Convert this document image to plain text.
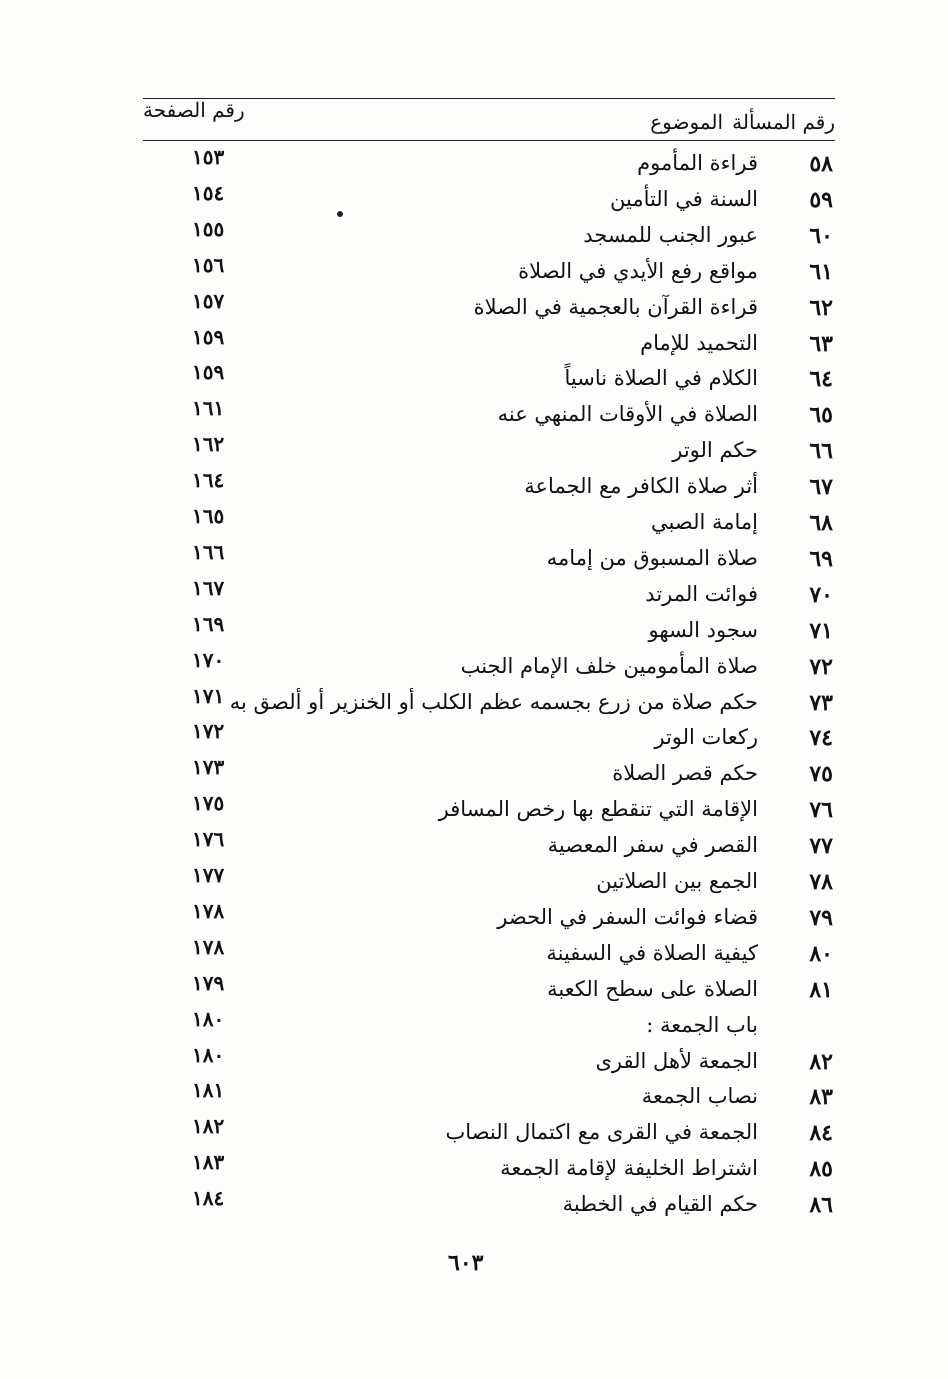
رقم المسألة
الموضوع
رقم الصفحة
٥٨
قراءة المأموم
١٥٣
٥٩
السنة في التأمين
١٥٤
٦٠
عبور الجنب للمسجد
١٥٥
٦١
مواقع رفع الأيدي في الصلاة
١٥٦
٦٢
قراءة القرآن بالعجمية في الصلاة
١٥٧
٦٣
التحميد للإمام
١٥٩
٦٤
الكلام في الصلاة ناسياً
١٥٩
٦٥
الصلاة في الأوقات المنهي عنه
١٦١
٦٦
حكم الوتر
١٦٢
٦٧
أثر صلاة الكافر مع الجماعة
١٦٤
٦٨
إمامة الصبي
١٦٥
٦٩
صلاة المسبوق من إمامه
١٦٦
٧٠
فوائت المرتد
١٦٧
٧١
سجود السهو
١٦٩
٧٢
صلاة المأمومين خلف الإمام الجنب
١٧٠
٧٣
حكم صلاة من زرع بجسمه عظم الكلب أو الخنزير أو ألصق به
١٧١
٧٤
ركعات الوتر
١٧٢
٧٥
حكم قصر الصلاة
١٧٣
٧٦
الإقامة التي تنقطع بها رخص المسافر
١٧٥
٧٧
القصر في سفر المعصية
١٧٦
٧٨
الجمع بين الصلاتين
١٧٧
٧٩
قضاء فوائت السفر في الحضر
١٧٨
٨٠
كيفية الصلاة في السفينة
١٧٨
٨١
الصلاة على سطح الكعبة
١٧٩
باب الجمعة :
١٨٠
٨٢
الجمعة لأهل القرى
١٨٠
٨٣
نصاب الجمعة
١٨١
٨٤
الجمعة في القرى مع اكتمال النصاب
١٨٢
٨٥
اشتراط الخليفة لإقامة الجمعة
١٨٣
٨٦
حكم القيام في الخطبة
١٨٤
٦٠٣
